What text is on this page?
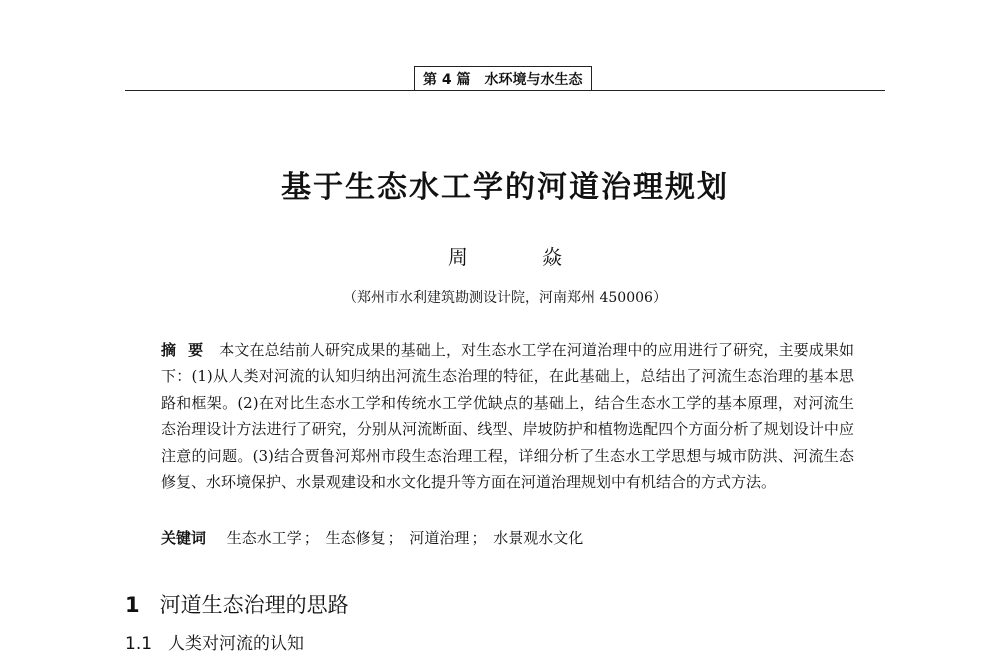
第 4 篇 水环境与水生态
基于生态水工学的河道治理规划
周 焱
（郑州市水利建筑勘测设计院，河南郑州 450006）
摘要 本文在总结前人研究成果的基础上，对生态水工学在河道治理中的应用进行了研究，主要成果如下：(1)从人类对河流的认知归纳出河流生态治理的特征，在此基础上，总结出了河流生态治理的基本思路和框架。(2)在对比生态水工学和传统水工学优缺点的基础上，结合生态水工学的基本原理，对河流生态治理设计方法进行了研究，分别从河流断面、线型、岸坡防护和植物选配四个方面分析了规划设计中应注意的问题。(3)结合贾鲁河郑州市段生态治理工程，详细分析了生态水工学思想与城市防洪、河流生态修复、水环境保护、水景观建设和水文化提升等方面在河道治理规划中有机结合的方式方法。
关键词 生态水工学 ； 生态修复 ； 河道治理 ； 水景观水文化
1 河道生态治理的思路
1.1 人类对河流的认知
